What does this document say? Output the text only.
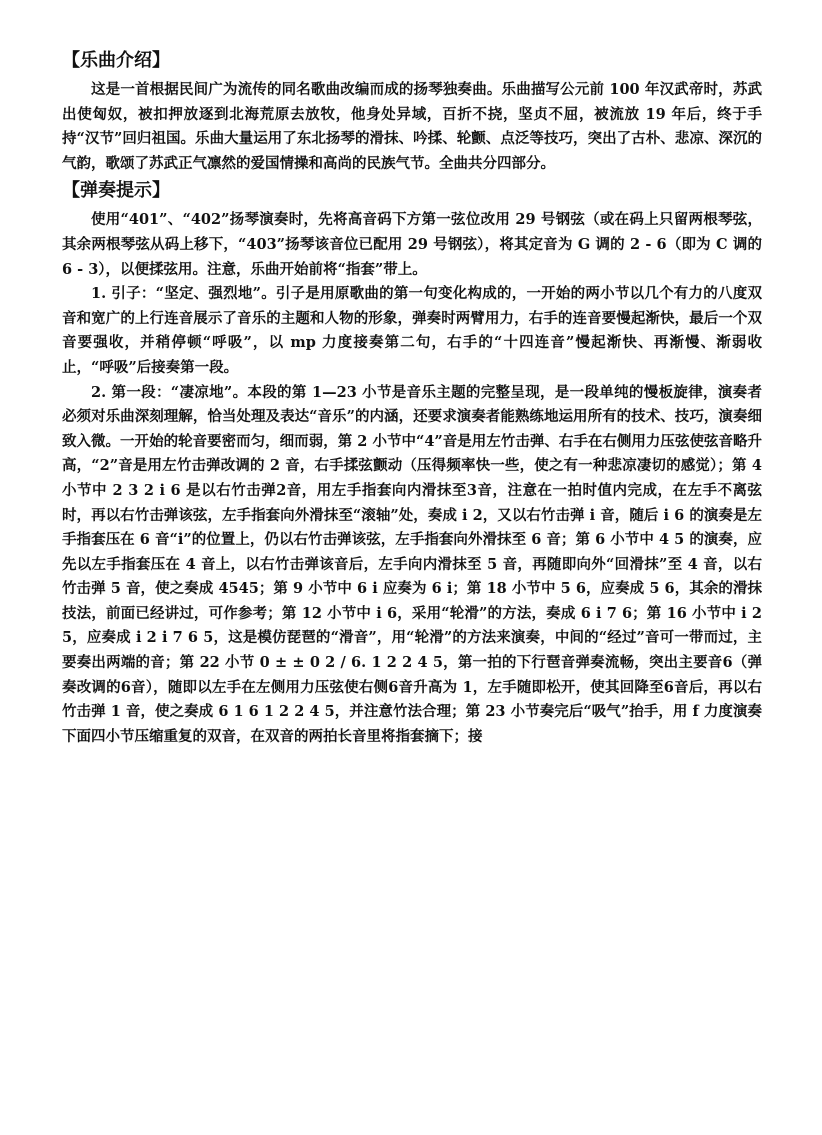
【乐曲介绍】

这是一首根据民间广为流传的同名歌曲改编而成的扬琴独奏曲。乐曲描写公元前 100 年汉武帝时，苏武出使匈奴，被扣押放逐到北海荒原去放牧，他身处异域，百折不挠，坚贞不屈，被流放 19 年后，终于手持“汉节”回归祖国。乐曲大量运用了东北扬琴的滑抹、吟揉、轮颤、点泛等技巧，突出了古朴、悲凉、深沉的气韵，歌颂了苏武正气凛然的爱国情操和高尚的民族气节。全曲共分四部分。

【弹奏提示】

使用“401”、“402”扬琴演奏时，先将高音码下方第一弦位改用 29 号钢弦（或在码上只留两根琴弦，其余两根琴弦从码上移下，“403”扬琴该音位已配用 29 号钢弦），将其定音为 G 调的 2 - 6（即为 C 调的 6 - 3），以便揉弦用。注意，乐曲开始前将“指套”带上。

1. 引子：“坚定、强烈地”。引子是用原歌曲的第一句变化构成的，一开始的两小节以几个有力的八度双音和宽广的上行连音展示了音乐的主题和人物的形象，弹奏时两臂用力，右手的连音要慢起渐快，最后一个双音要强收，并稍停顿“呼吸”，以 mp 力度接奏第二句，右手的“十四连音”慢起渐快、再渐慢、渐弱收止，“呼吸”后接奏第一段。

2. 第一段：“凄凉地”。本段的第 1—23 小节是音乐主题的完整呈现，是一段单纯的慢板旋律，演奏者必须对乐曲深刻理解，恰当处理及表达“音乐”的内涵，还要求演奏者能熟练地运用所有的技术、技巧，演奏细致入微。一开始的轮音要密而匀，细而弱，第 2 小节中“4”音是用左竹击弹、右手在右侧用力压弦使弦音略升高，“2”音是用左竹击弹改调的 2 音，右手揉弦颤动（压得频率快一些，使之有一种悲凉凄切的感觉）；第 4 小节中 2 3 2 i 6 是以右竹击弹2音，用左手指套向内滑抹至3音，注意在一拍时值内完成，在左手不离弦时，再以右竹击弹该弦，左手指套向外滑抹至“滚轴”处，奏成 i 2，又以右竹击弹 i 音，随后 i 6 的演奏是左手指套压在 6 音“i”的位置上，仍以右竹击弹该弦，左手指套向外滑抹至 6 音；第 6 小节中 4 5 的演奏，应先以左手指套压在 4 音上，以右竹击弹该音后，左手向内滑抹至 5 音，再随即向外“回滑抹”至 4 音，以右竹击弹 5 音，使之奏成 4545；第 9 小节中 6 i 应奏为 6 i；第 18 小节中 5 6，应奏成 5 6，其余的滑抹技法，前面已经讲过，可作参考；第 12 小节中 i 6，采用“轮滑”的方法，奏成 6 i 7 6；第 16 小节中 i 2 5，应奏成 i 2 i 7 6 5，这是模仿琵琶的“滑音”，用“轮滑”的方法来演奏，中间的“经过”音可一带而过，主要奏出两端的音；第 22 小节 0 ± ± 0 2 / 6. 1 2 2 4 5，第一拍的下行琶音弹奏流畅，突出主要音6（弹奏改调的6音），随即以左手在左侧用力压弦使右侧6音升高为 1，左手随即松开，使其回降至6音后，再以右竹击弹 1 音，使之奏成 6 1 6 1 2 2 4 5，并注意竹法合理；第 23 小节奏完后“吸气”抬手，用 f 力度演奏下面四小节压缩重复的双音，在双音的两拍长音里将指套摘下；接
